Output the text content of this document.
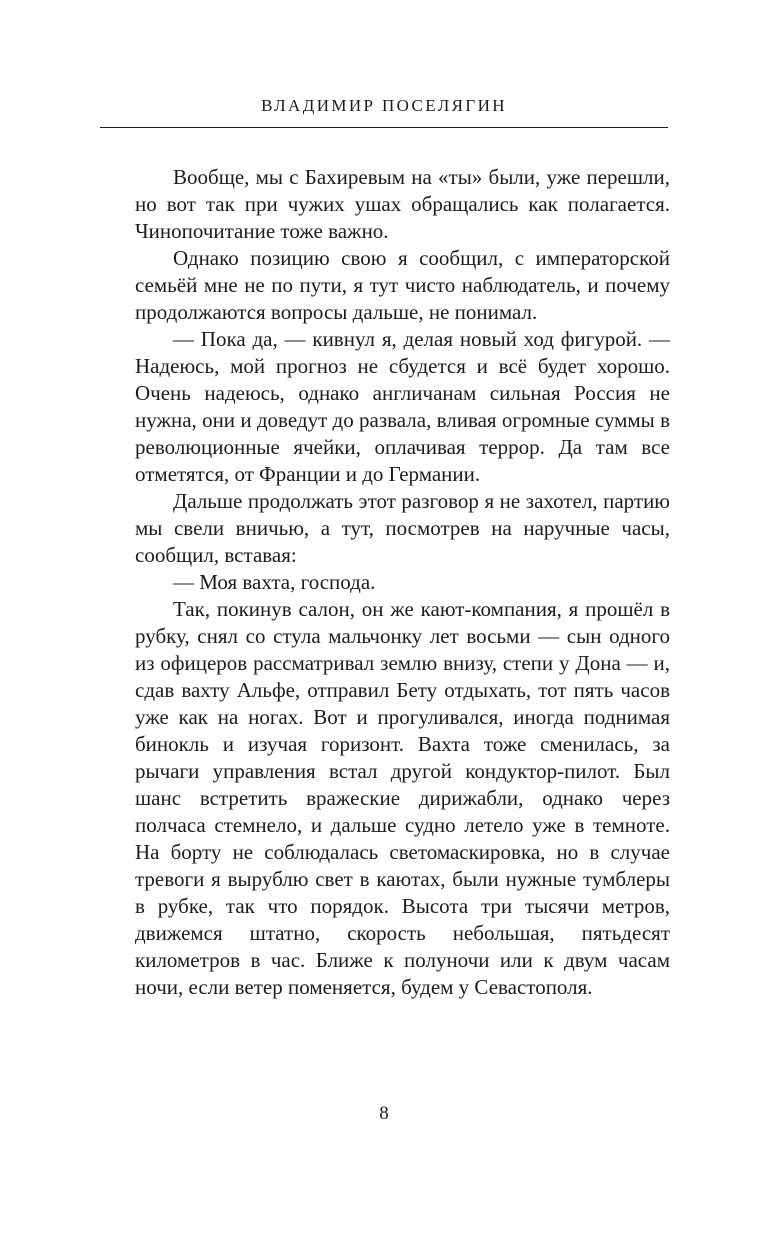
ВЛАДИМИР ПОСЕЛЯГИН

Вообще, мы с Бахиревым на «ты» были, уже перешли, но вот так при чужих ушах обращались как полагается. Чинопочитание тоже важно.

Однако позицию свою я сообщил, с императорской семьёй мне не по пути, я тут чисто наблюдатель, и почему продолжаются вопросы дальше, не понимал.

— Пока да, — кивнул я, делая новый ход фигурой. — Надеюсь, мой прогноз не сбудется и всё будет хорошо. Очень надеюсь, однако англичанам сильная Россия не нужна, они и доведут до развала, вливая огромные суммы в революционные ячейки, оплачивая террор. Да там все отметятся, от Франции и до Германии.

Дальше продолжать этот разговор я не захотел, партию мы свели вничью, а тут, посмотрев на наручные часы, сообщил, вставая:

— Моя вахта, господа.

Так, покинув салон, он же кают-компания, я прошёл в рубку, снял со стула мальчонку лет восьми — сын одного из офицеров рассматривал землю внизу, степи у Дона — и, сдав вахту Альфе, отправил Бету отдыхать, тот пять часов уже как на ногах. Вот и прогуливался, иногда поднимая бинокль и изучая горизонт. Вахта тоже сменилась, за рычаги управления встал другой кондуктор-пилот. Был шанс встретить вражеские дирижабли, однако через полчаса стемнело, и дальше судно летело уже в темноте. На борту не соблюдалась светомаскировка, но в случае тревоги я вырублю свет в каютах, были нужные тумблеры в рубке, так что порядок. Высота три тысячи метров, движемся штатно, скорость небольшая, пятьдесят километров в час. Ближе к полуночи или к двум часам ночи, если ветер поменяется, будем у Севастополя.

8
